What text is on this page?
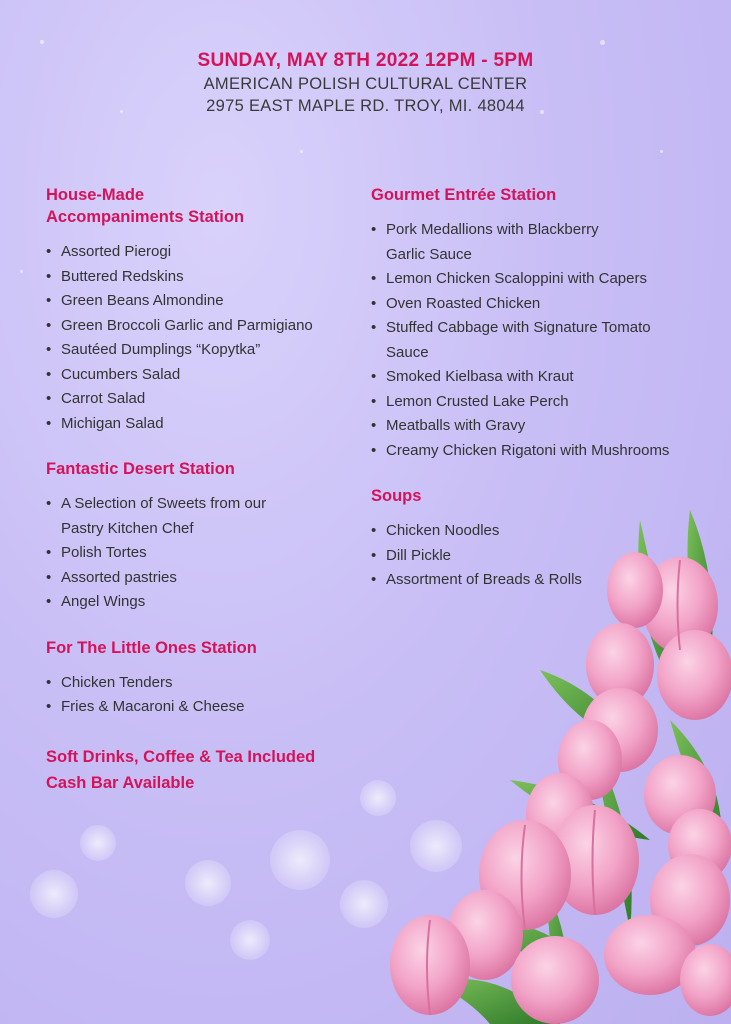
SUNDAY, MAY 8TH 2022 12PM - 5PM
AMERICAN POLISH CULTURAL CENTER
2975 EAST MAPLE RD. TROY, MI. 48044
House-Made
Accompaniments Station
• Assorted Pierogi
• Buttered Redskins
• Green Beans Almondine
• Green Broccoli Garlic and Parmigiano
• Sautéed Dumplings “Kopytka”
• Cucumbers Salad
• Carrot Salad
• Michigan Salad
Fantastic Desert Station
• A Selection of Sweets from our Pastry Kitchen Chef
• Polish Tortes
• Assorted pastries
• Angel Wings
For The Little Ones Station
• Chicken Tenders
• Fries & Macaroni & Cheese
Soft Drinks, Coffee & Tea Included
Cash Bar Available
Gourmet Entrée Station
• Pork Medallions with Blackberry Garlic Sauce
• Lemon Chicken Scaloppini with Capers
• Oven Roasted Chicken
• Stuffed Cabbage with Signature Tomato Sauce
• Smoked Kielbasa with Kraut
• Lemon Crusted Lake Perch
• Meatballs with Gravy
• Creamy Chicken Rigatoni with Mushrooms
Soups
• Chicken Noodles
• Dill Pickle
• Assortment of Breads & Rolls
